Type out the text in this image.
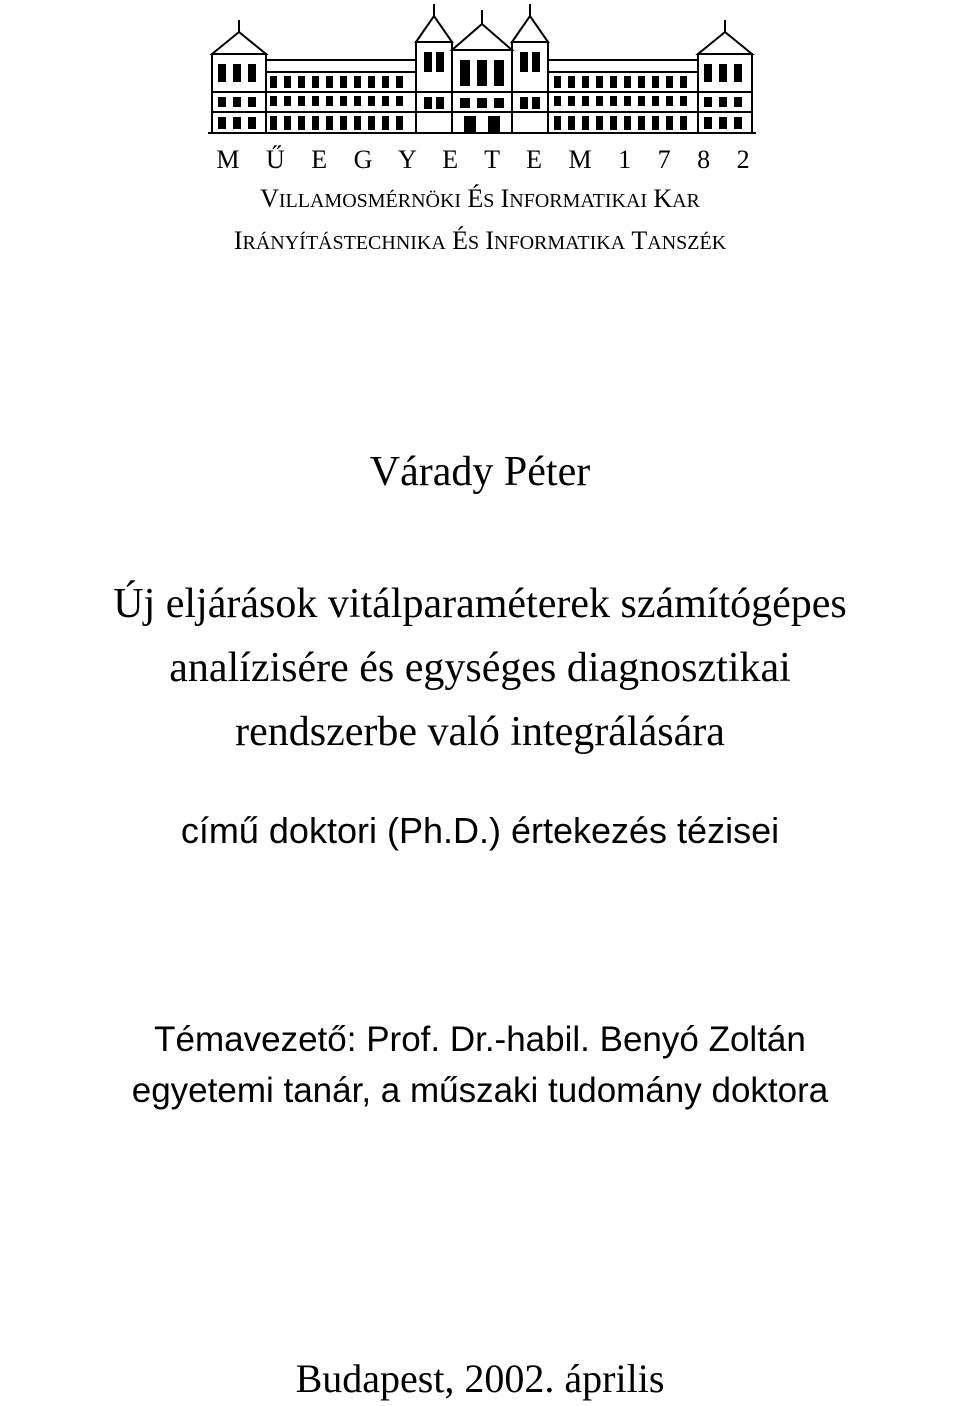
M Ű E G Y E T E M 1 7 8 2
VILLAMOSMÉRNÖKI ÉS INFORMATIKAI KAR
IRÁNYÍTÁSTECHNIKA ÉS INFORMATIKA TANSZÉK
Várady Péter
Új eljárások vitálparaméterek számítógépes
analízisére és egységes diagnosztikai
rendszerbe való integrálására
című doktori (Ph.D.) értekezés tézisei
Témavezető: Prof. Dr.-habil. Benyó Zoltán
egyetemi tanár, a műszaki tudomány doktora
Budapest, 2002. április
